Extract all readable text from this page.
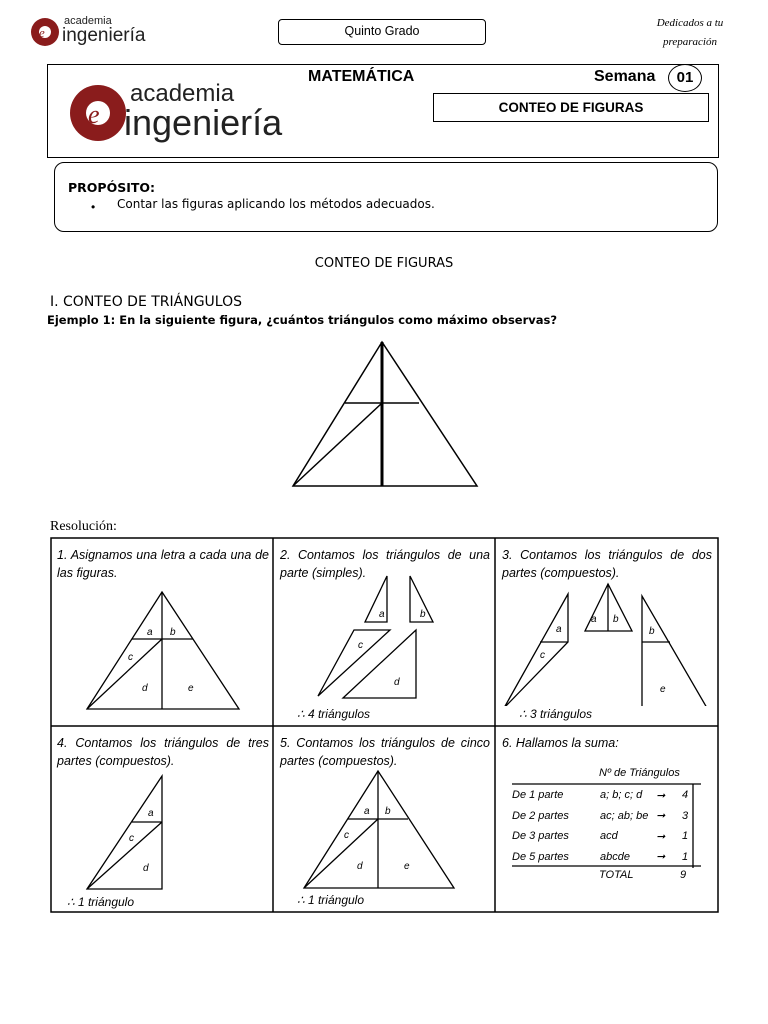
e
academia
ingeniería	Quinto Grado
Dedicados a tu
preparación
e
academia
ingeniería
MATEMÁTICA	Semana	01
CONTEO DE FIGURAS
PROPÓSITO:
• Contar las figuras aplicando los métodos adecuados.
CONTEO DE FIGURAS
I. CONTEO DE TRIÁNGULOS
Ejemplo 1: En la siguiente figura, ¿cuántos triángulos como máximo observas?
Resolución:
1. Asignamos una letra a cada una de las figuras.
a b
c
d	e
2. Contamos los triángulos de una parte (simples).
a	b
c
d
∴ 4 triángulos
3. Contamos los triángulos de dos partes (compuestos).
a
c
a b
b
e
∴ 3 triángulos
4. Contamos los triángulos de tres partes (compuestos).
a
c
d
∴ 1 triángulo
5. Contamos los triángulos de cinco partes (compuestos).
a b
c
d	e
∴ 1 triángulo
6. Hallamos la suma:
Nº de Triángulos
De 1 parte	a; b; c; d	➞	4
De 2 partes	ac; ab; be	➞	3
De 3 partes	acd	➞	1
De 5 partes	abcde	➞	1
TOTAL	9
